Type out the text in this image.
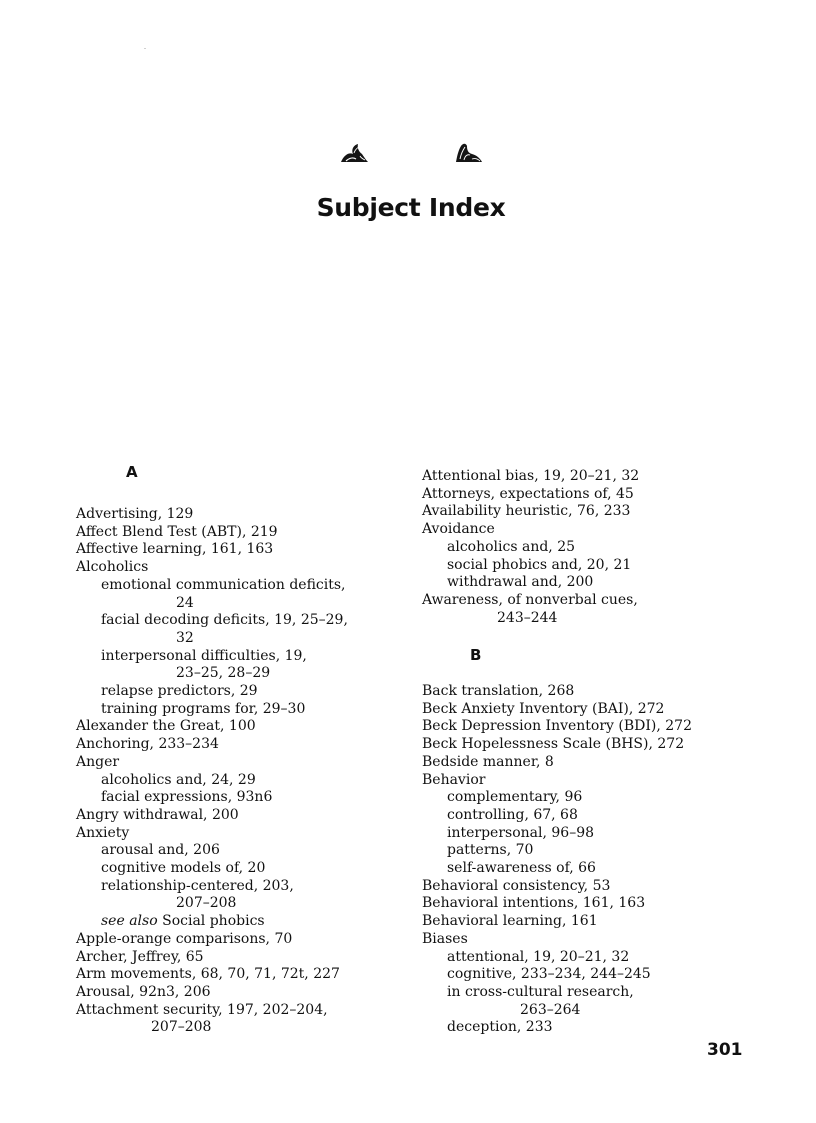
Subject Index
A
Advertising, 129
Affect Blend Test (ABT), 219
Affective learning, 161, 163
Alcoholics
emotional communication deficits,
24
facial decoding deficits, 19, 25–29,
32
interpersonal difficulties, 19,
23–25, 28–29
relapse predictors, 29
training programs for, 29–30
Alexander the Great, 100
Anchoring, 233–234
Anger
alcoholics and, 24, 29
facial expressions, 93n6
Angry withdrawal, 200
Anxiety
arousal and, 206
cognitive models of, 20
relationship-centered, 203,
207–208
see also Social phobics
Apple-orange comparisons, 70
Archer, Jeffrey, 65
Arm movements, 68, 70, 71, 72t, 227
Arousal, 92n3, 206
Attachment security, 197, 202–204,
207–208
Attentional bias, 19, 20–21, 32
Attorneys, expectations of, 45
Availability heuristic, 76, 233
Avoidance
alcoholics and, 25
social phobics and, 20, 21
withdrawal and, 200
Awareness, of nonverbal cues,
243–244
B
Back translation, 268
Beck Anxiety Inventory (BAI), 272
Beck Depression Inventory (BDI), 272
Beck Hopelessness Scale (BHS), 272
Bedside manner, 8
Behavior
complementary, 96
controlling, 67, 68
interpersonal, 96–98
patterns, 70
self-awareness of, 66
Behavioral consistency, 53
Behavioral intentions, 161, 163
Behavioral learning, 161
Biases
attentional, 19, 20–21, 32
cognitive, 233–234, 244–245
in cross-cultural research,
263–264
deception, 233
301
